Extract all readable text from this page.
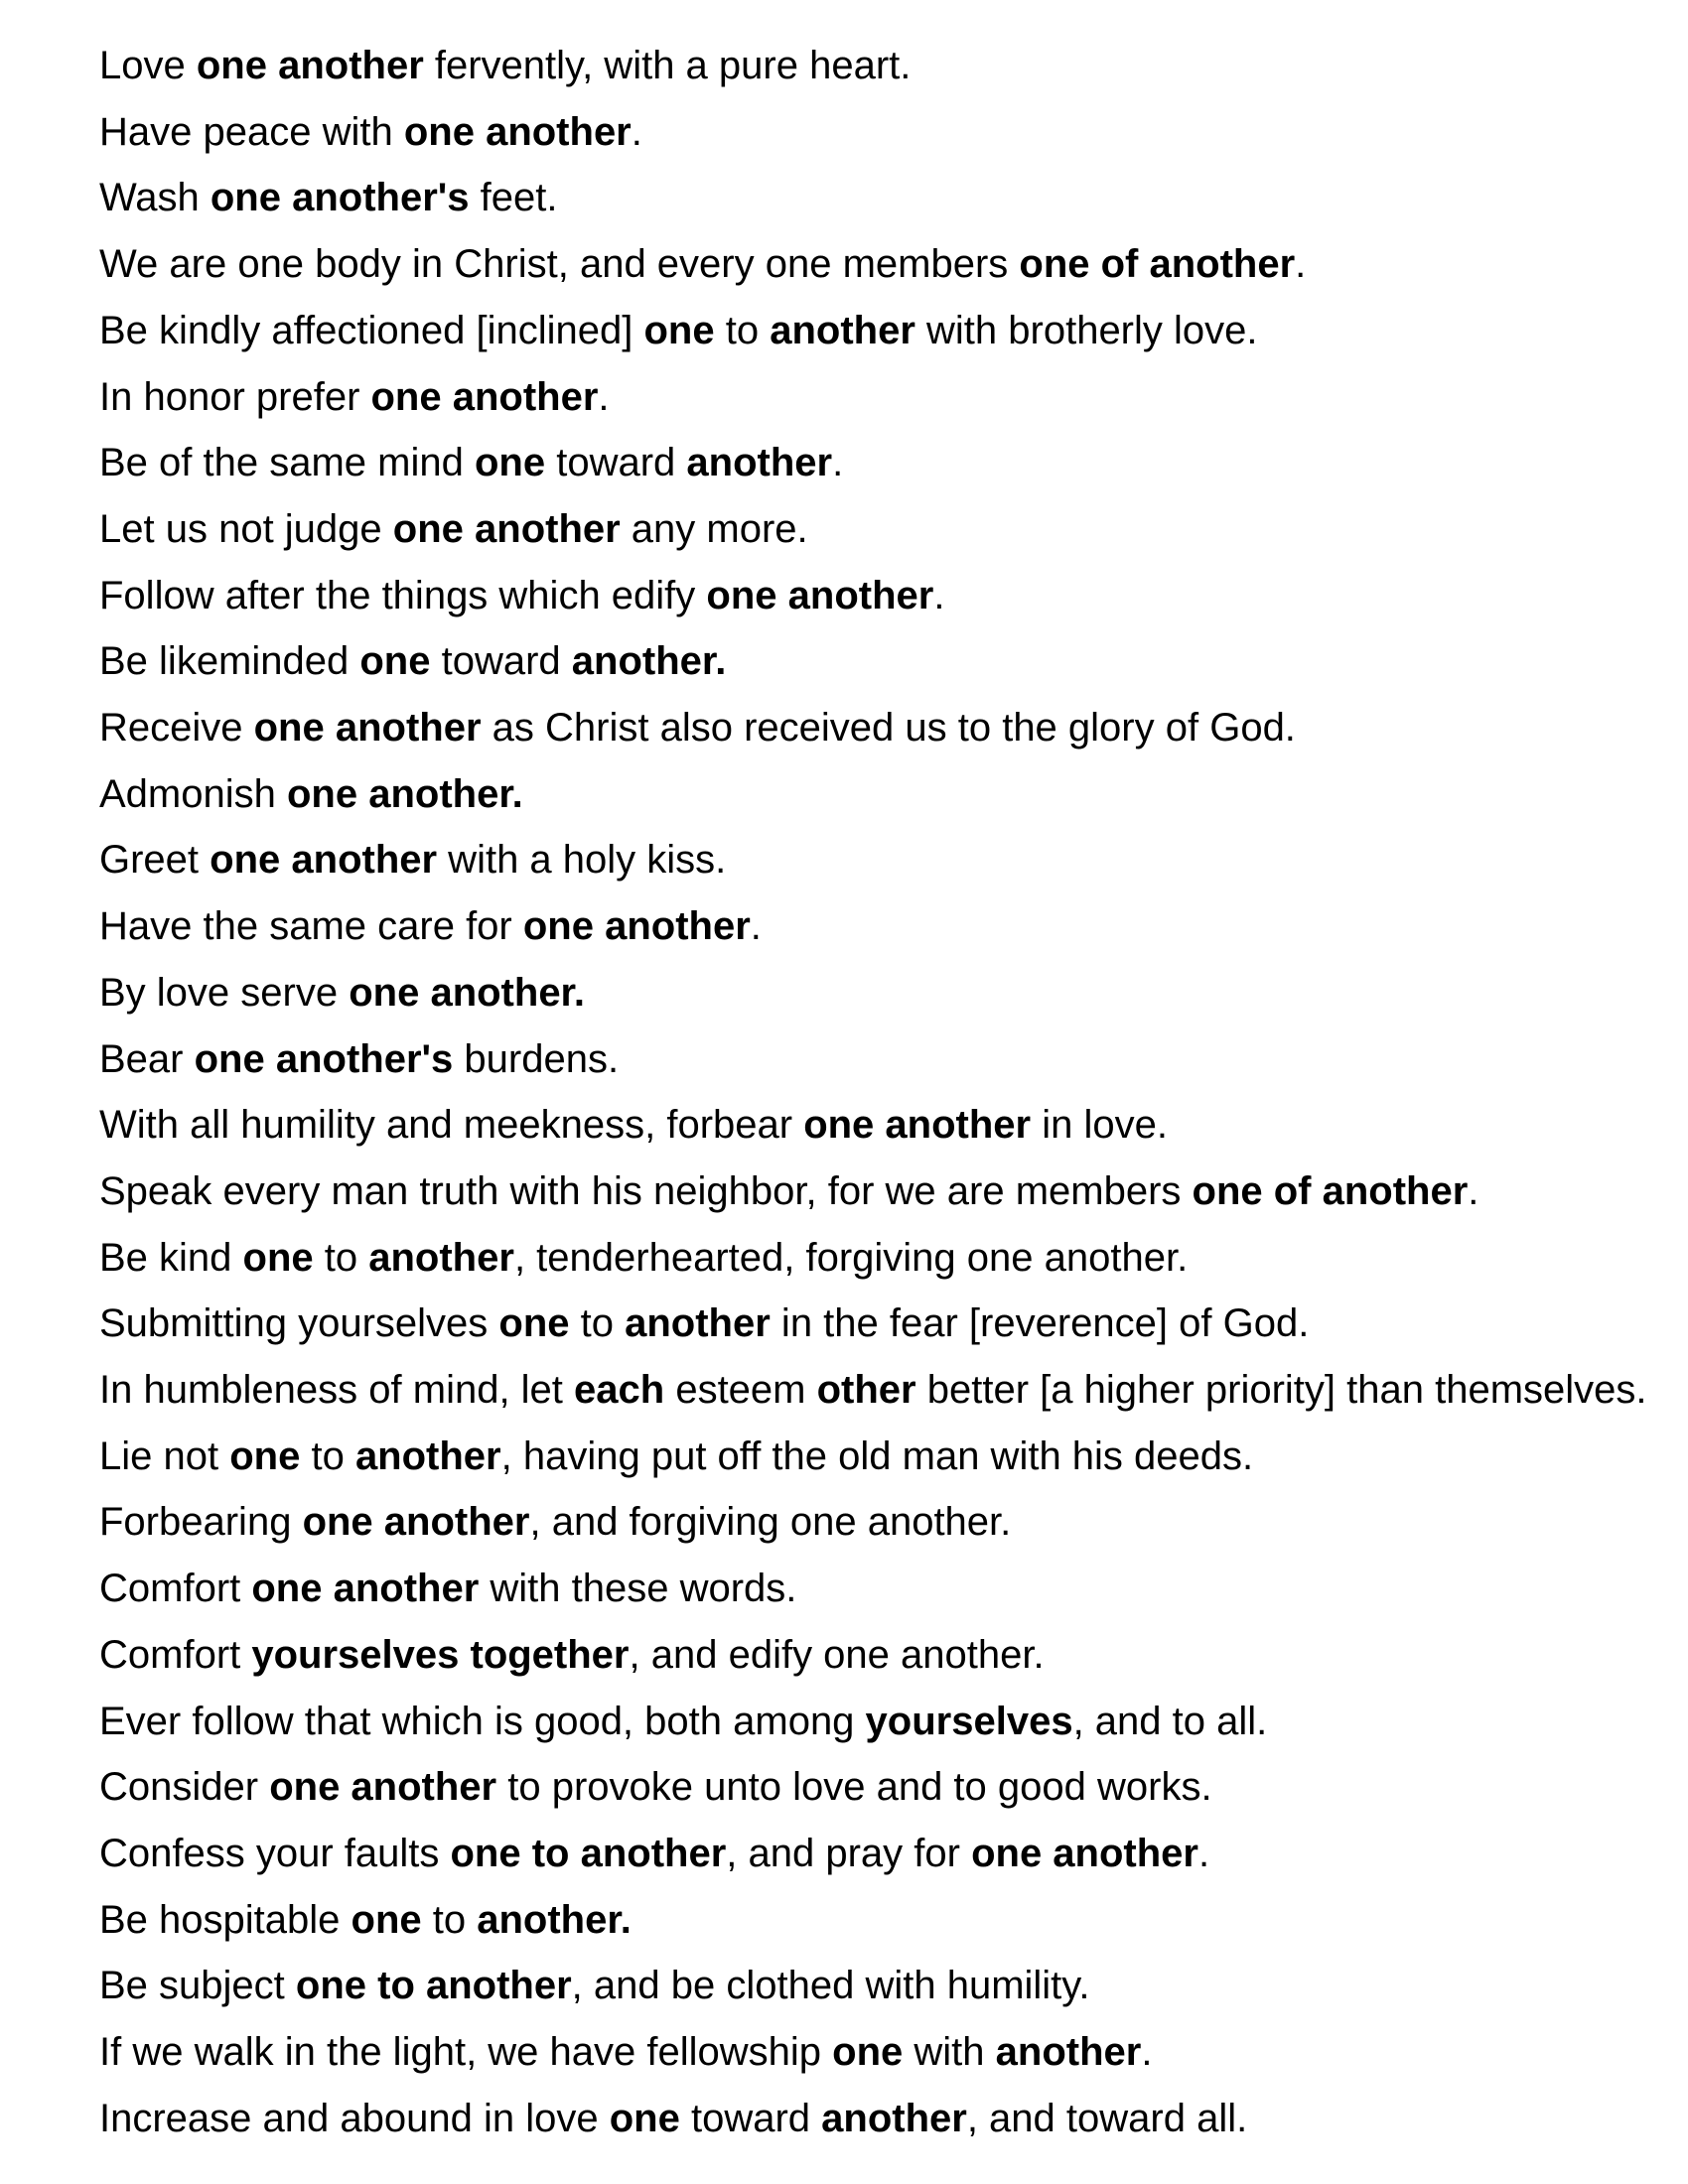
Love one another fervently, with a pure heart.

Have peace with one another.

Wash one another's feet.

We are one body in Christ, and every one members one of another.

Be kindly affectioned [inclined] one to another with brotherly love.

In honor prefer one another.

Be of the same mind one toward another.

Let us not judge one another any more.

Follow after the things which edify one another.

Be likeminded one toward another.

Receive one another as Christ also received us to the glory of God.

Admonish one another.

Greet one another with a holy kiss.

Have the same care for one another.

By love serve one another.

Bear one another's burdens.

With all humility and meekness, forbear one another in love.

Speak every man truth with his neighbor, for we are members one of another.

Be kind one to another, tenderhearted, forgiving one another.

Submitting yourselves one to another in the fear [reverence] of God.

In humbleness of mind, let each esteem other better [a higher priority] than themselves.

Lie not one to another, having put off the old man with his deeds.

Forbearing one another, and forgiving one another.

Comfort one another with these words.

Comfort yourselves together, and edify one another.

Ever follow that which is good, both among yourselves, and to all.

Consider one another to provoke unto love and to good works.

Confess your faults one to another, and pray for one another.

Be hospitable one to another.

Be subject one to another, and be clothed with humility.

If we walk in the light, we have fellowship one with another.

Increase and abound in love one toward another, and toward all.
